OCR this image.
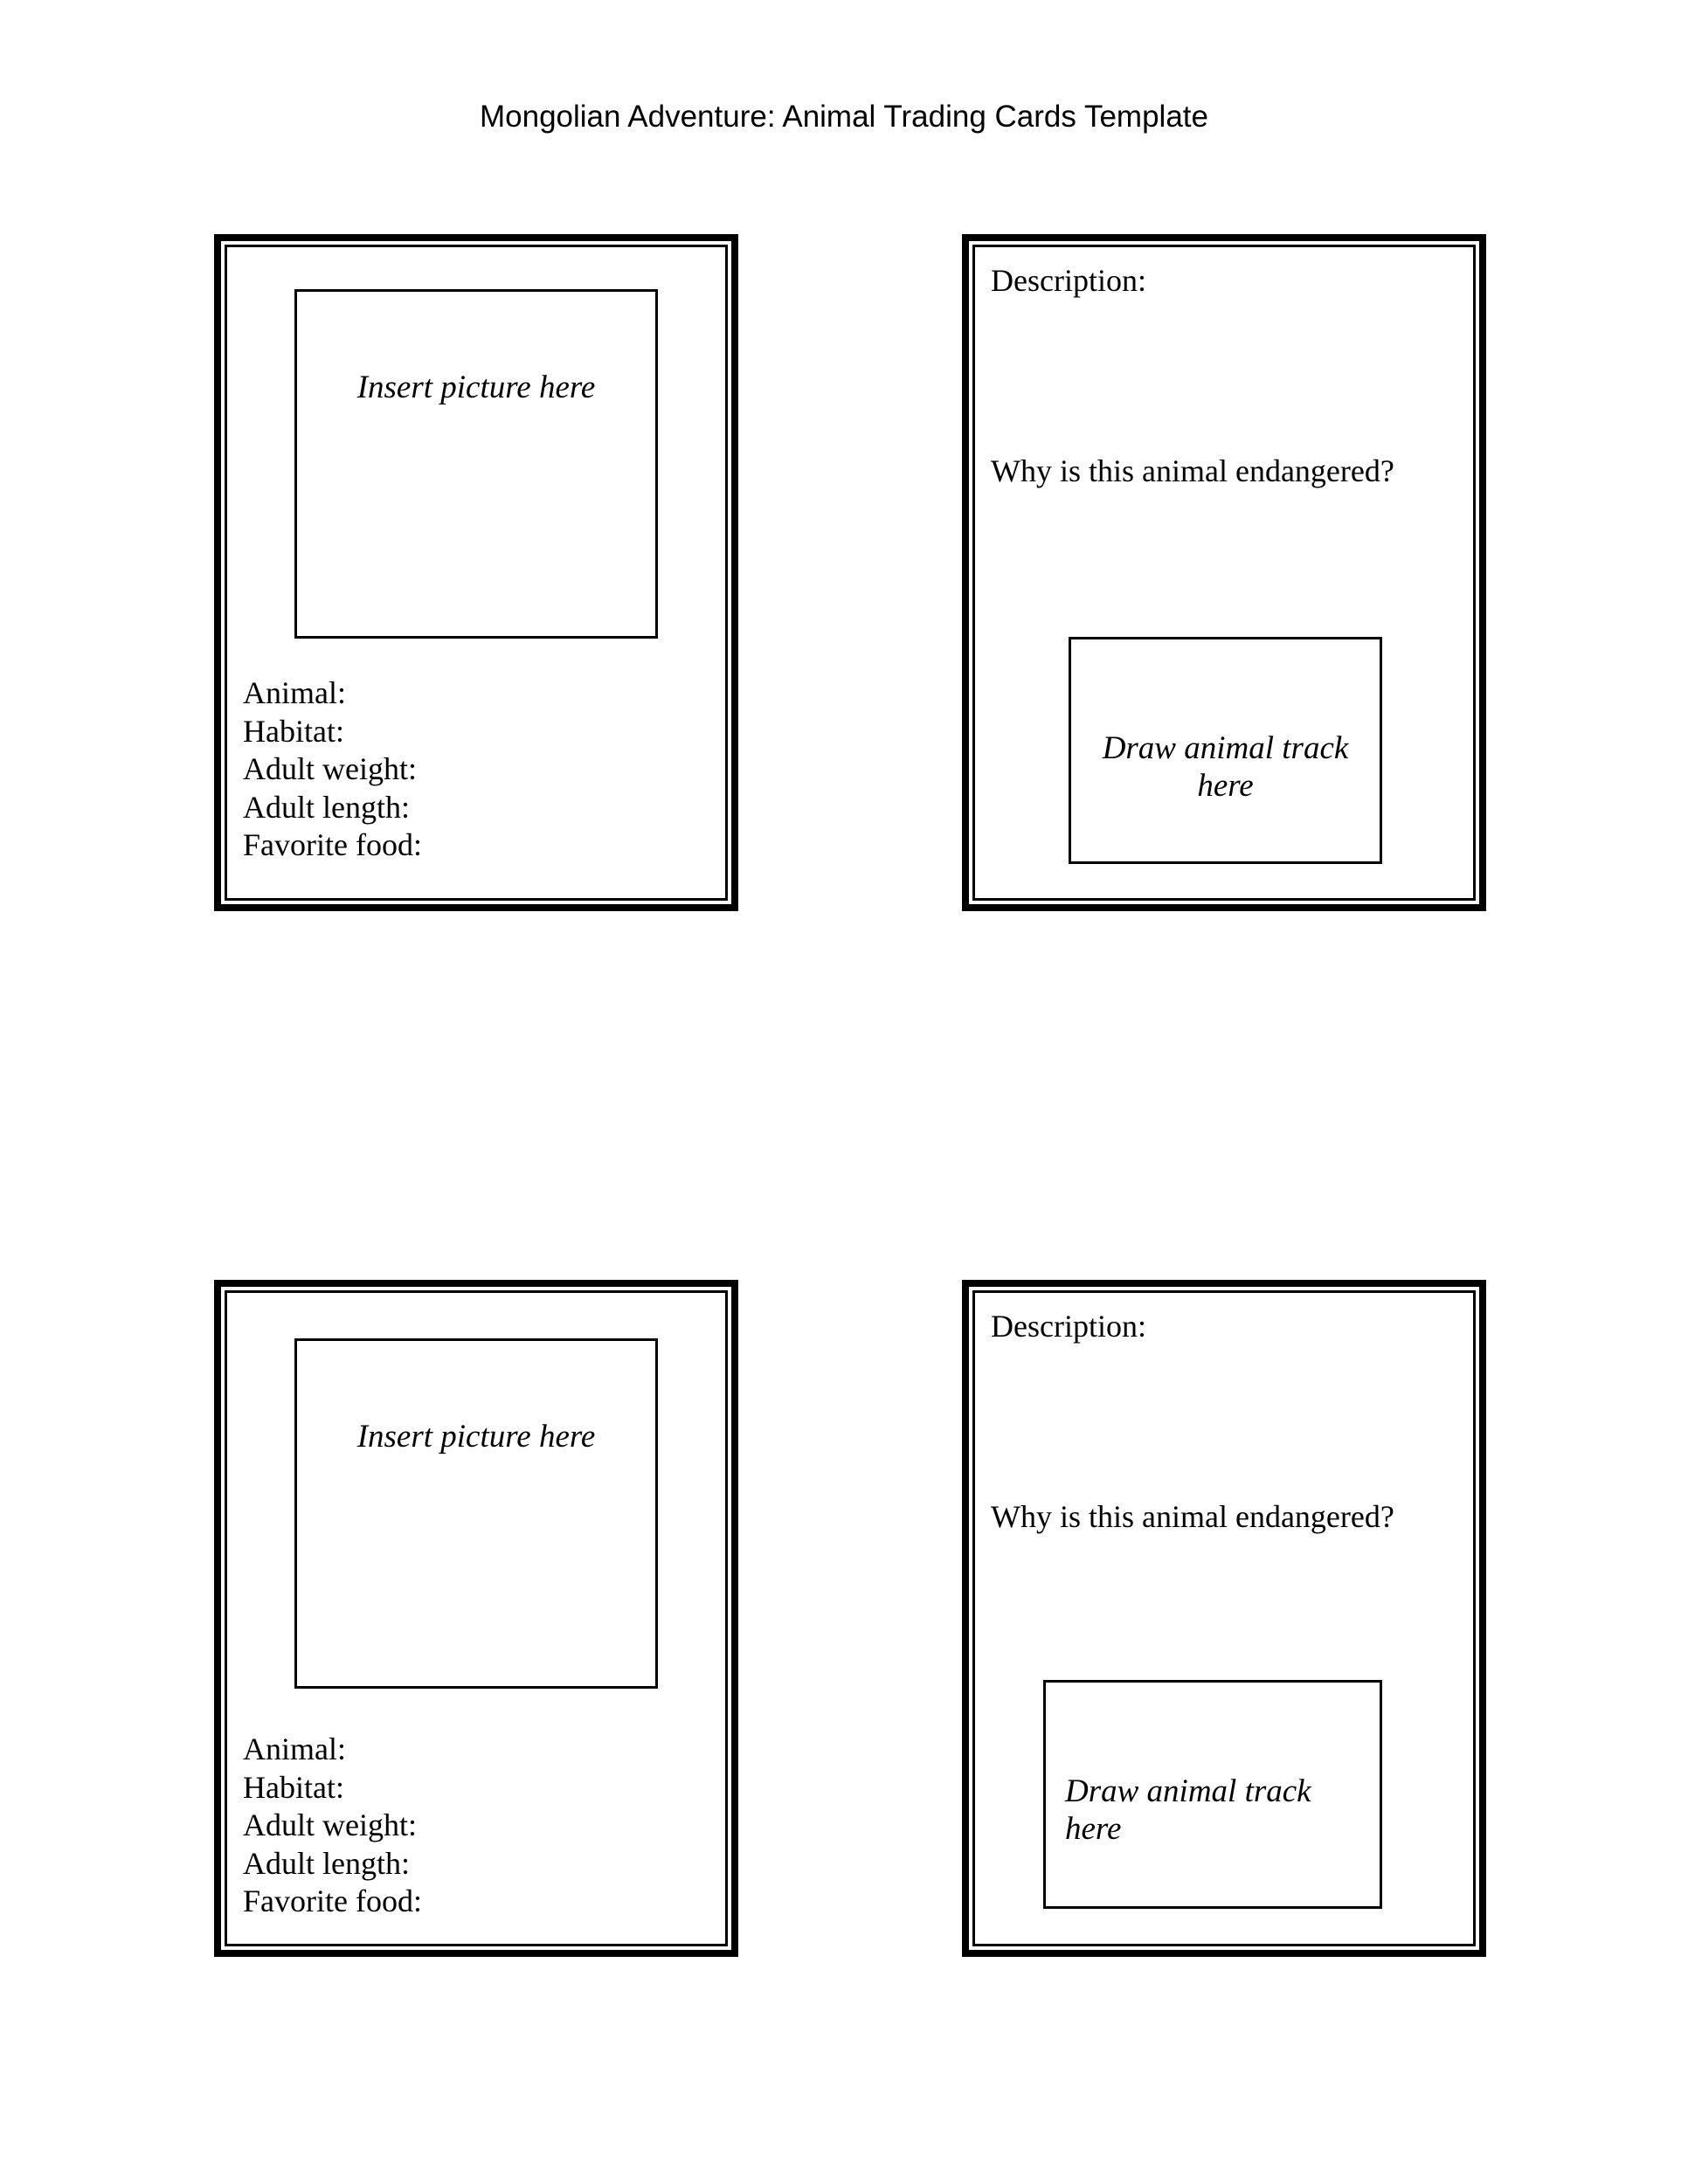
Mongolian Adventure: Animal Trading Cards Template
Insert picture here
Animal:
Habitat:
Adult weight:
Adult length:
Favorite food:
Description:
Why is this animal endangered?
Draw animal track
here
Insert picture here
Animal:
Habitat:
Adult weight:
Adult length:
Favorite food:
Description:
Why is this animal endangered?
Draw animal track
here
